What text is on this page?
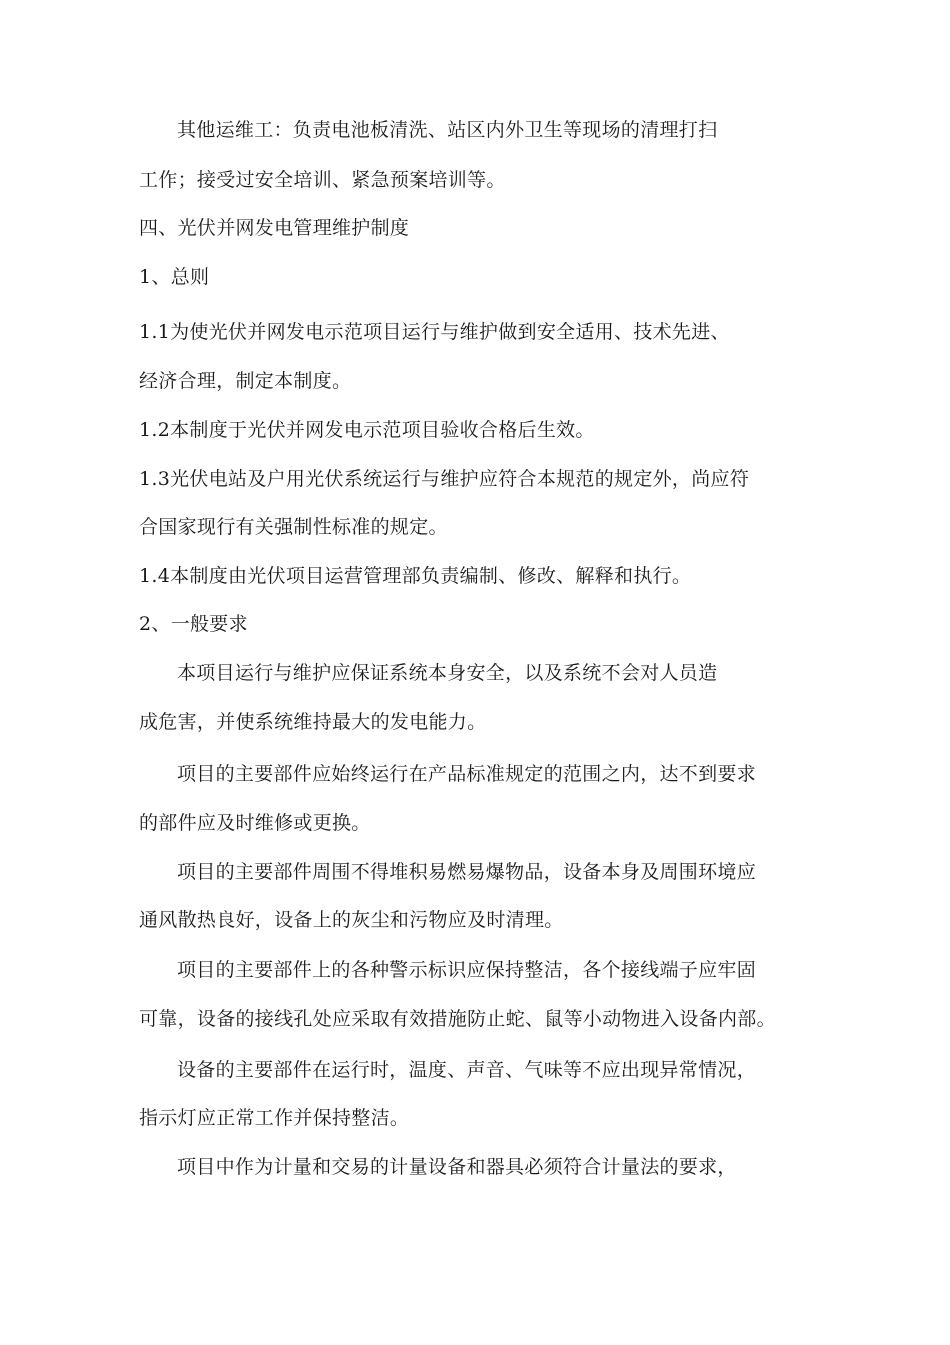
其他运维工：负责电池板清洗、站区内外卫生等现场的清理打扫
工作；接受过安全培训、紧急预案培训等。
四、光伏并网发电管理维护制度
1、总则
1.1为使光伏并网发电示范项目运行与维护做到安全适用、技术先进、
经济合理，制定本制度。
1.2本制度于光伏并网发电示范项目验收合格后生效。
1.3光伏电站及户用光伏系统运行与维护应符合本规范的规定外，尚应符
合国家现行有关强制性标准的规定。
1.4本制度由光伏项目运营管理部负责编制、修改、解释和执行。
2、一般要求
本项目运行与维护应保证系统本身安全，以及系统不会对人员造
成危害，并使系统维持最大的发电能力。
项目的主要部件应始终运行在产品标准规定的范围之内，达不到要求
的部件应及时维修或更换。
项目的主要部件周围不得堆积易燃易爆物品，设备本身及周围环境应
通风散热良好，设备上的灰尘和污物应及时清理。
项目的主要部件上的各种警示标识应保持整洁，各个接线端子应牢固
可靠，设备的接线孔处应采取有效措施防止蛇、鼠等小动物进入设备内部。
设备的主要部件在运行时，温度、声音、气味等不应出现异常情况，
指示灯应正常工作并保持整洁。
项目中作为计量和交易的计量设备和器具必须符合计量法的要求，
